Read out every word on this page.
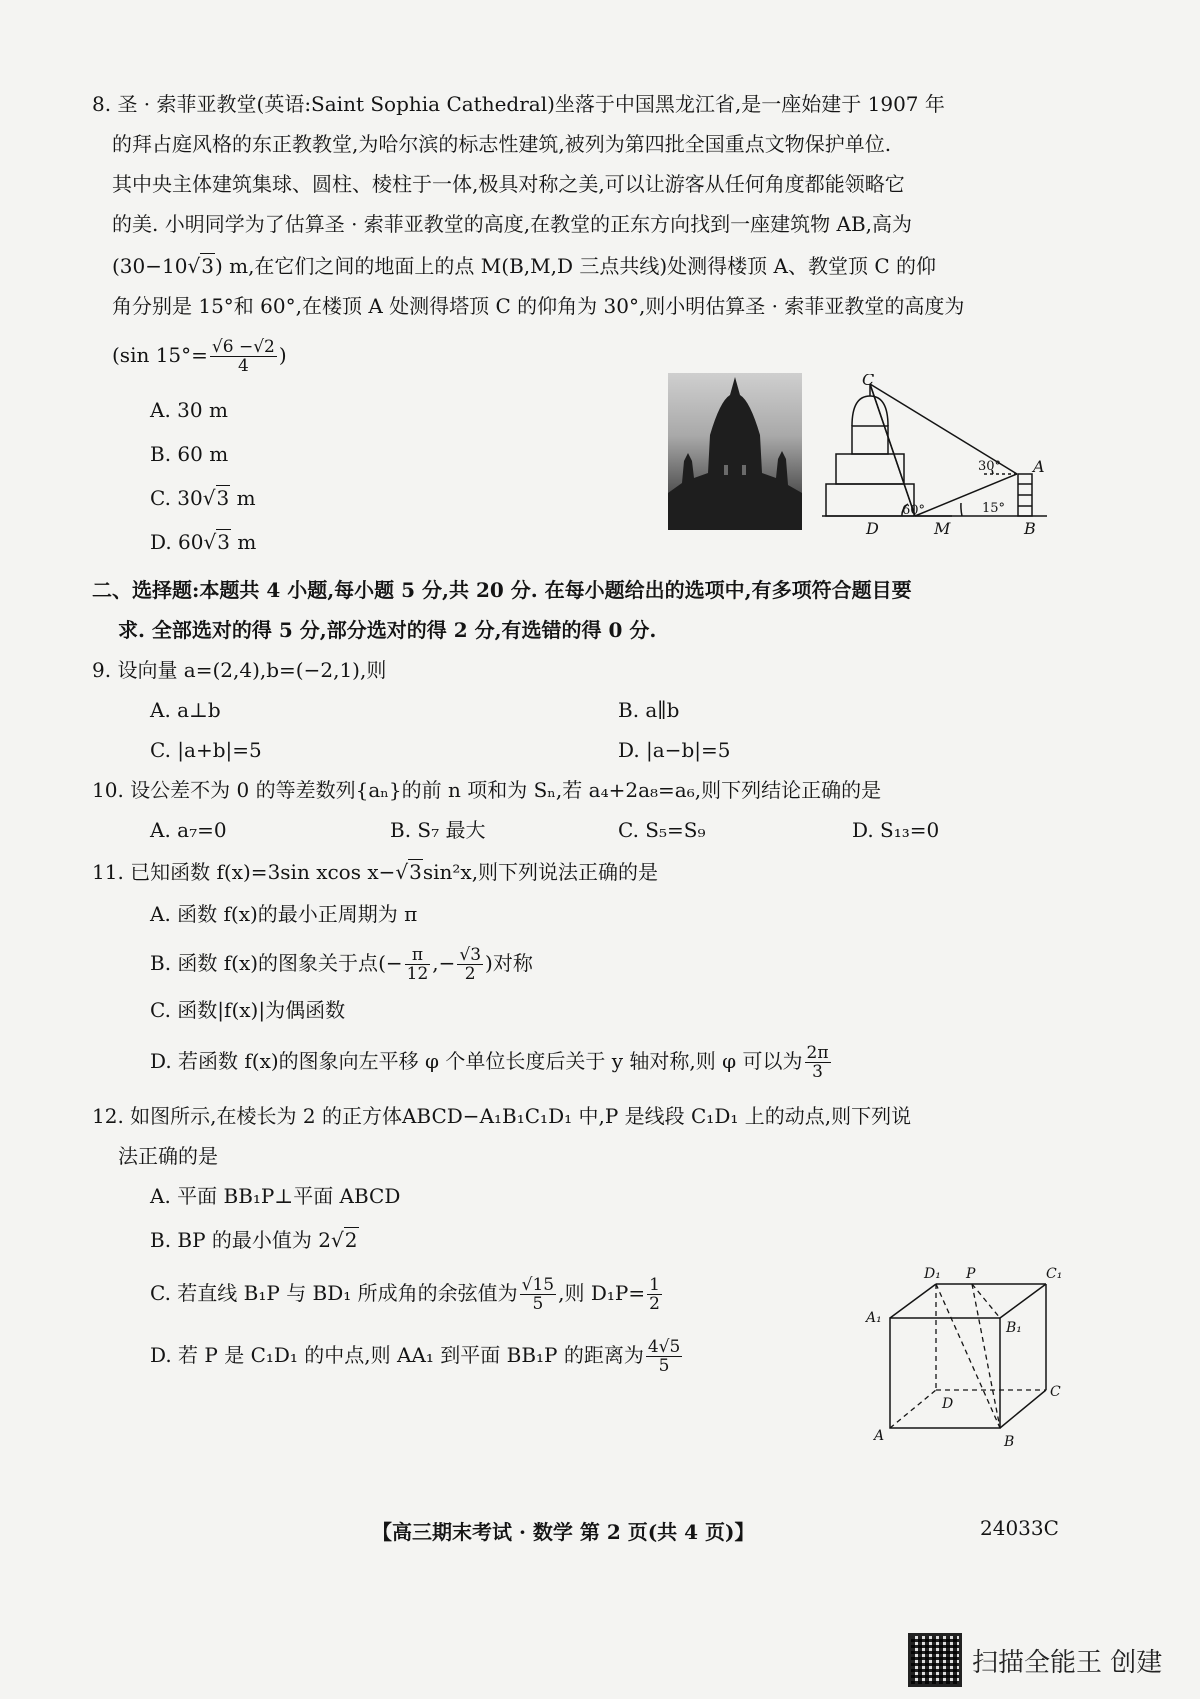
8. 圣 · 索菲亚教堂(英语:Saint Sophia Cathedral)坐落于中国黑龙江省,是一座始建于 1907 年
的拜占庭风格的东正教教堂,为哈尔滨的标志性建筑,被列为第四批全国重点文物保护单位.
其中央主体建筑集球、圆柱、棱柱于一体,极具对称之美,可以让游客从任何角度都能领略它
的美. 小明同学为了估算圣 · 索菲亚教堂的高度,在教堂的正东方向找到一座建筑物 AB,高为
(30−10√3) m,在它们之间的地面上的点 M(B,M,D 三点共线)处测得楼顶 A、教堂顶 C 的仰
角分别是 15°和 60°,在楼顶 A 处测得塔顶 C 的仰角为 30°,则小明估算圣 · 索菲亚教堂的高度为
(sin $15^\circ= \frac{√6 -√2}{4}$ )
A. 30 m
B. 60 m
C. 30√3 m
D. 60√3 m
C
A
D	M	B
30°
60°	15°
二、选择题:本题共 4 小题,每小题 5 分,共 20 分. 在每小题给出的选项中,有多项符合题目要
求. 全部选对的得 5 分,部分选对的得 2 分,有选错的得 0 分.
9. 设向量 a=(2,4),b=(−2,1),则
A. a⊥b	B. a∥b
C. |a+b|=5	D. |a−b|=5
10. 设公差不为 0 的等差数列{aₙ}的前 n 项和为 Sₙ,若 a₄+2a₈=a₆,则下列结论正确的是
A. a₇=0	B. S₇ 最大	C. S₅=S₉	D. S₁₃=0
11. 已知函数 f(x)=3sin xcos x−√3sin²x,则下列说法正确的是
A. 函数 f(x)的最小正周期为 π
B. 函数 f(x)的图象关于点(− $\frac{\pi}{12}$ ,− $\frac{√3}{2}$ )对称
C. 函数|f(x)|为偶函数
D. 若函数 f(x)的图象向左平移 φ 个单位长度后关于 y 轴对称,则 φ 可以为 $\frac{2\pi}{3}$
12. 如图所示,在棱长为 2 的正方体ABCD−A₁B₁C₁D₁ 中,P 是线段 C₁D₁ 上的动点,则下列说
法正确的是
A. 平面 BB₁P⊥平面 ABCD
B. BP 的最小值为 2√2
C. 若直线 B₁P 与 BD₁ 所成角的余弦值为 $\frac{√15}{5}$ ,则 $D_1P= \frac{1}{2}$
D. 若 P 是 C₁D₁ 的中点,则 AA₁ 到平面 BB₁P 的距离为 $\frac{4√5}{5}$
D₁ P	C₁
A₁
B₁
D
C
A	B
【高三期末考试 · 数学 第 2 页(共 4 页)】	24033C
扫描全能王 创建
